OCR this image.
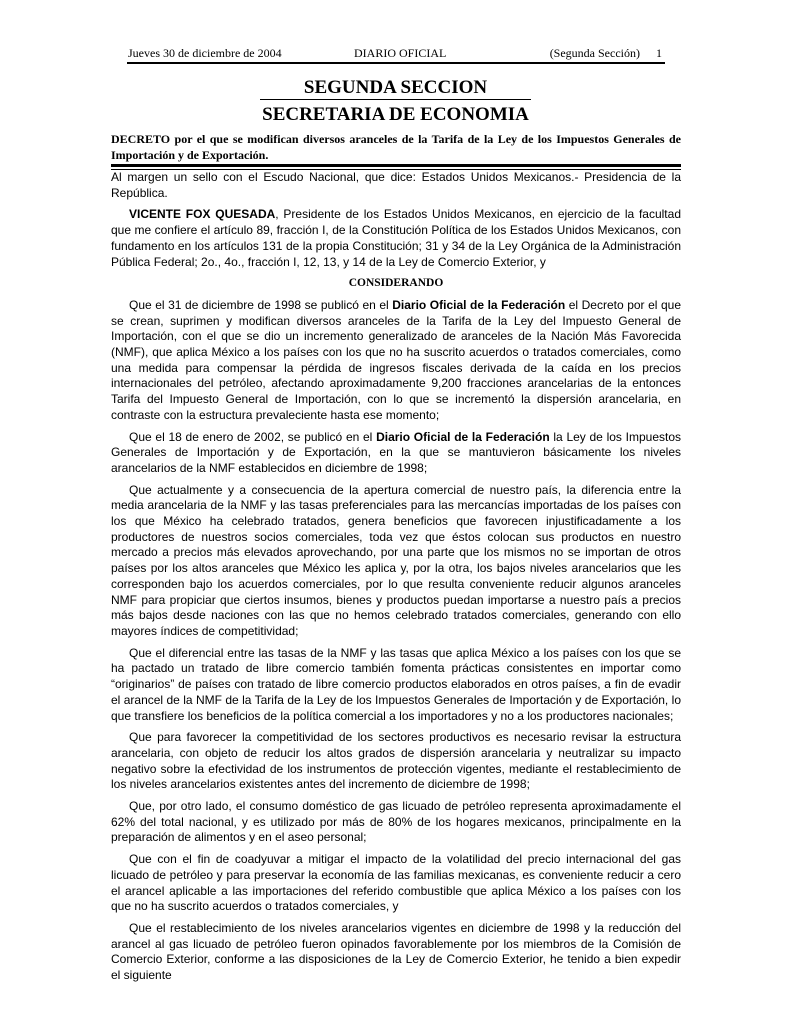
Jueves 30 de diciembre de 2004	DIARIO OFICIAL	(Segunda Sección) 1
SEGUNDA SECCION
SECRETARIA DE ECONOMIA
DECRETO por el que se modifican diversos aranceles de la Tarifa de la Ley de los Impuestos Generales de Importación y de Exportación.

Al margen un sello con el Escudo Nacional, que dice: Estados Unidos Mexicanos.- Presidencia de la República.

VICENTE FOX QUESADA, Presidente de los Estados Unidos Mexicanos, en ejercicio de la facultad que me confiere el artículo 89, fracción I, de la Constitución Política de los Estados Unidos Mexicanos, con fundamento en los artículos 131 de la propia Constitución; 31 y 34 de la Ley Orgánica de la Administración Pública Federal; 2o., 4o., fracción I, 12, 13, y 14 de la Ley de Comercio Exterior, y

CONSIDERANDO

Que el 31 de diciembre de 1998 se publicó en el Diario Oficial de la Federación el Decreto por el que se crean, suprimen y modifican diversos aranceles de la Tarifa de la Ley del Impuesto General de Importación, con el que se dio un incremento generalizado de aranceles de la Nación Más Favorecida (NMF), que aplica México a los países con los que no ha suscrito acuerdos o tratados comerciales, como una medida para compensar la pérdida de ingresos fiscales derivada de la caída en los precios internacionales del petróleo, afectando aproximadamente 9,200 fracciones arancelarias de la entonces Tarifa del Impuesto General de Importación, con lo que se incrementó la dispersión arancelaria, en contraste con la estructura prevaleciente hasta ese momento;

Que el 18 de enero de 2002, se publicó en el Diario Oficial de la Federación la Ley de los Impuestos Generales de Importación y de Exportación, en la que se mantuvieron básicamente los niveles arancelarios de la NMF establecidos en diciembre de 1998;

Que actualmente y a consecuencia de la apertura comercial de nuestro país, la diferencia entre la media arancelaria de la NMF y las tasas preferenciales para las mercancías importadas de los países con los que México ha celebrado tratados, genera beneficios que favorecen injustificadamente a los productores de nuestros socios comerciales, toda vez que éstos colocan sus productos en nuestro mercado a precios más elevados aprovechando, por una parte que los mismos no se importan de otros países por los altos aranceles que México les aplica y, por la otra, los bajos niveles arancelarios que les corresponden bajo los acuerdos comerciales, por lo que resulta conveniente reducir algunos aranceles NMF para propiciar que ciertos insumos, bienes y productos puedan importarse a nuestro país a precios más bajos desde naciones con las que no hemos celebrado tratados comerciales, generando con ello mayores índices de competitividad;

Que el diferencial entre las tasas de la NMF y las tasas que aplica México a los países con los que se ha pactado un tratado de libre comercio también fomenta prácticas consistentes en importar como “originarios” de países con tratado de libre comercio productos elaborados en otros países, a fin de evadir el arancel de la NMF de la Tarifa de la Ley de los Impuestos Generales de Importación y de Exportación, lo que transfiere los beneficios de la política comercial a los importadores y no a los productores nacionales;

Que para favorecer la competitividad de los sectores productivos es necesario revisar la estructura arancelaria, con objeto de reducir los altos grados de dispersión arancelaria y neutralizar su impacto negativo sobre la efectividad de los instrumentos de protección vigentes, mediante el restablecimiento de los niveles arancelarios existentes antes del incremento de diciembre de 1998;

Que, por otro lado, el consumo doméstico de gas licuado de petróleo representa aproximadamente el 62% del total nacional, y es utilizado por más de 80% de los hogares mexicanos, principalmente en la preparación de alimentos y en el aseo personal;

Que con el fin de coadyuvar a mitigar el impacto de la volatilidad del precio internacional del gas licuado de petróleo y para preservar la economía de las familias mexicanas, es conveniente reducir a cero el arancel aplicable a las importaciones del referido combustible que aplica México a los países con los que no ha suscrito acuerdos o tratados comerciales, y

Que el restablecimiento de los niveles arancelarios vigentes en diciembre de 1998 y la reducción del arancel al gas licuado de petróleo fueron opinados favorablemente por los miembros de la Comisión de Comercio Exterior, conforme a las disposiciones de la Ley de Comercio Exterior, he tenido a bien expedir el siguiente
